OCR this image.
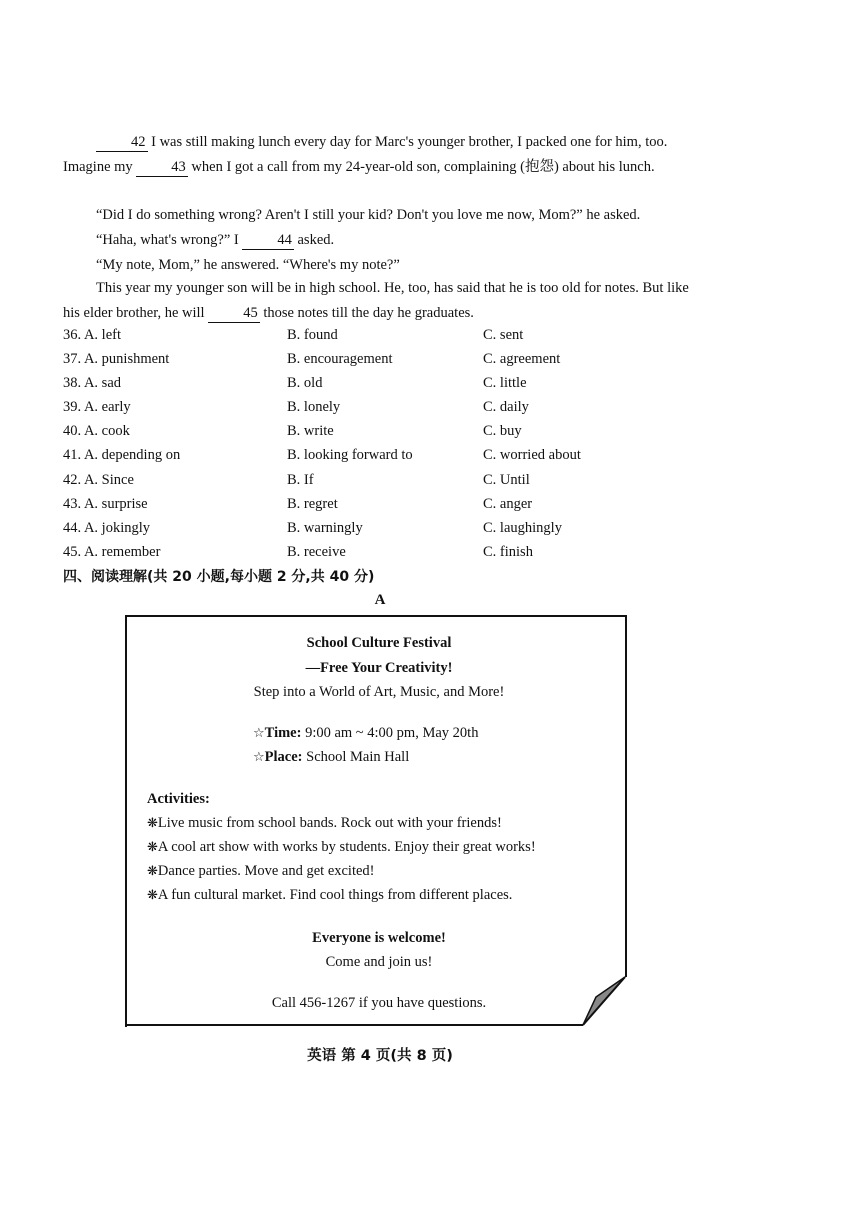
42 I was still making lunch every day for Marc's younger brother, I packed one for him, too. Imagine my 43 when I got a call from my 24-year-old son, complaining (抱怨) about his lunch.
“Did I do something wrong? Aren't I still your kid? Don't you love me now, Mom?” he asked.
“Haha, what's wrong?” I 44 asked.
“My note, Mom,” he answered. “Where's my note?”
This year my younger son will be in high school. He, too, has said that he is too old for notes. But like his elder brother, he will 45 those notes till the day he graduates.
36. A. left	B. found	C. sent
37. A. punishment	B. encouragement	C. agreement
38. A. sad	B. old	C. little
39. A. early	B. lonely	C. daily
40. A. cook	B. write	C. buy
41. A. depending on	B. looking forward to	C. worried about
42. A. Since	B. If	C. Until
43. A. surprise	B. regret	C. anger
44. A. jokingly	B. warningly	C. laughingly
45. A. remember	B. receive	C. finish
四、阅读理解(共 20 小题,每小题 2 分,共 40 分)
A
School Culture Festival
—Free Your Creativity!
Step into a World of Art, Music, and More!
☆Time: 9:00 am ~ 4:00 pm, May 20th
☆Place: School Main Hall
Activities:
❋Live music from school bands. Rock out with your friends!
❋A cool art show with works by students. Enjoy their great works!
❋Dance parties. Move and get excited!
❋A fun cultural market. Find cool things from different places.
Everyone is welcome!
Come and join us!
Call 456-1267 if you have questions.
英语 第 4 页(共 8 页)
